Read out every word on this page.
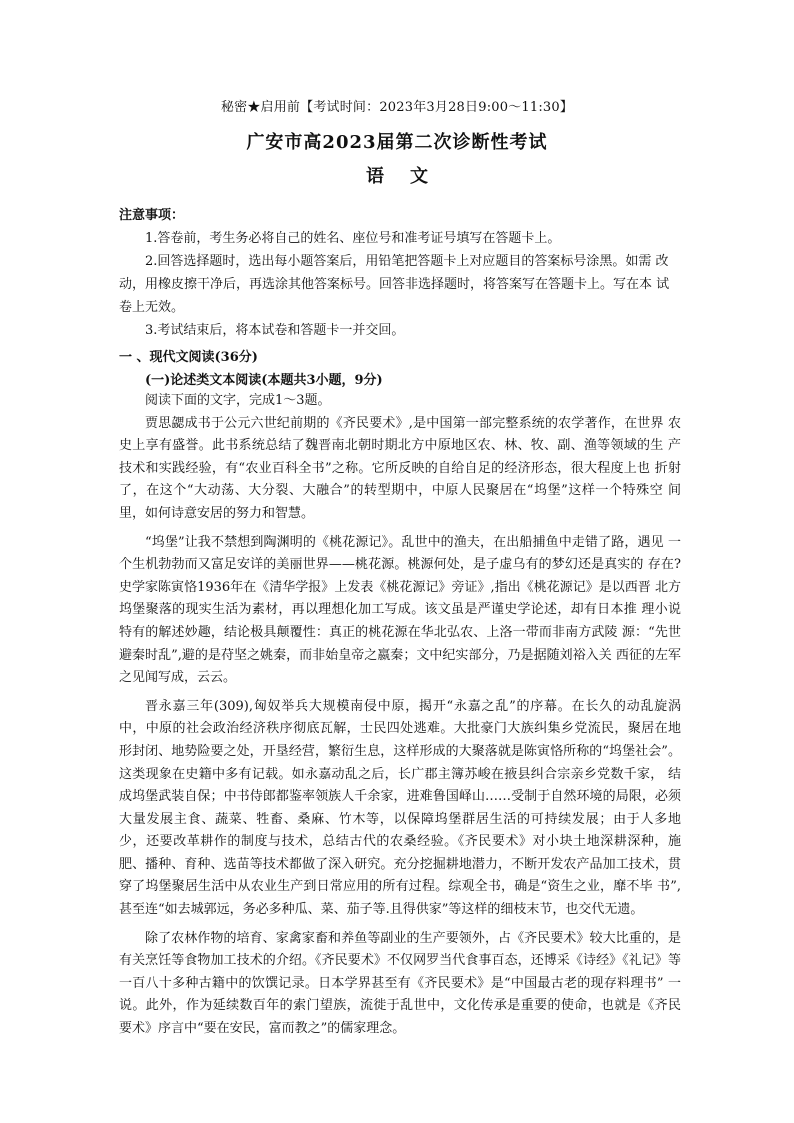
秘密★启用前【考试时间：2023年3月28日9:00～11:30】
广安市高2023届第二次诊断性考试
语文
注意事项：

1.答卷前，考生务必将自己的姓名、座位号和准考证号填写在答题卡上。

2.回答选择题时，选出每小题答案后，用铅笔把答题卡上对应题目的答案标号涂黑。如需 改动，用橡皮擦干净后，再选涂其他答案标号。回答非选择题时，将答案写在答题卡上。写在本 试卷上无效。

3.考试结束后，将本试卷和答题卡一并交回。

一 、现代文阅读(36分)
(一)论述类文本阅读(本题共3小题，9分)

阅读下面的文字，完成1～3题。

贾思勰成书于公元六世纪前期的《齐民要术》,是中国第一部完整系统的农学著作，在世界 农史上享有盛誉。此书系统总结了魏晋南北朝时期北方中原地区农、林、牧、副、渔等领域的生 产技术和实践经验，有“农业百科全书”之称。它所反映的自给自足的经济形态，很大程度上也 折射了，在这个“大动荡、大分裂、大融合”的转型期中，中原人民聚居在“坞堡”这样一个特殊空 间里，如何诗意安居的努力和智慧。

“坞堡”让我不禁想到陶渊明的《桃花源记》。乱世中的渔夫，在出船捕鱼中走错了路，遇见 一个生机勃勃而又富足安详的美丽世界——桃花源。桃源何处，是子虚乌有的梦幻还是真实的 存在?史学家陈寅恪1936年在《清华学报》上发表《桃花源记》旁证》,指出《桃花源记》是以西晋 北方坞堡聚落的现实生活为素材，再以理想化加工写成。该文虽是严谨史学论述，却有日本推 理小说特有的解述妙趣，结论极具颠覆性：真正的桃花源在华北弘农、上洛一带而非南方武陵 源：“先世避秦时乱”,避的是苻坚之姚秦，而非始皇帝之嬴秦；文中纪实部分，乃是据随刘裕入关 西征的左军之见闻写成，云云。

晋永嘉三年(309),匈奴举兵大规模南侵中原，揭开“永嘉之乱”的序幕。在长久的动乱旋涡 中，中原的社会政治经济秩序彻底瓦解，士民四处逃难。大批豪门大族纠集乡党流民，聚居在地 形封闭、地势险要之处，开垦经营，繁衍生息，这样形成的大聚落就是陈寅恪所称的“坞堡社会”。 这类现象在史籍中多有记载。如永嘉动乱之后，长广郡主簿苏峻在掖县纠合宗亲乡党数千家， 结成坞堡武装自保；中书侍郎都鉴率领族人千余家，进难鲁国峄山……受制于自然环境的局限，必须大量发展主食、蔬菜、牲畜、桑麻、竹木等，以保障坞堡群居生活的可持续发展；由于人多地 少，还要改革耕作的制度与技术，总结古代的农桑经验。《齐民要术》对小块土地深耕深种，施 肥、播种、育种、选苗等技术都做了深入研究。充分挖掘耕地潜力，不断开发农产品加工技术，贯 穿了坞堡聚居生活中从农业生产到日常应用的所有过程。综观全书，确是“资生之业，靡不毕 书”,甚至连“如去城郭远，务必多种瓜、菜、茄子等.且得供家”等这样的细枝末节，也交代无遗。

除了农林作物的培育、家禽家畜和养鱼等副业的生产要领外，占《齐民要术》较大比重的，是 有关烹饪等食物加工技术的介绍。《齐民要术》不仅网罗当代食事百态，还博采《诗经》《礼记》等 一百八十多种古籍中的饮馔记录。日本学界甚至有《齐民要术》是“中国最古老的现存料理书” 一说。此外，作为延续数百年的索门望族，流徙于乱世中，文化传承是重要的使命，也就是《齐民 要术》序言中“要在安民，富而教之”的儒家理念。
